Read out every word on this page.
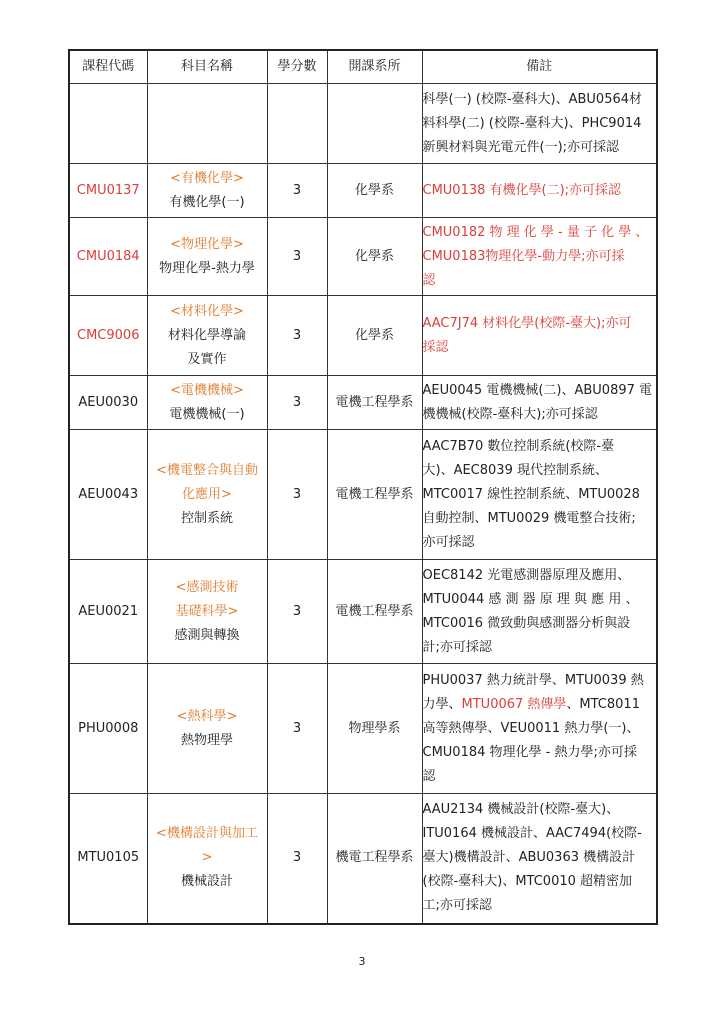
課程代碼	科目名稱	學分數	開課系所	備註

				科學(一) (校際-臺科大)、ABU0564材
料科學(二) (校際-臺科大)、PHC9014
新興材料與光電元件(一);亦可採認

CMU0137	<有機化學>
有機化學(一)	3	化學系	CMU0138 有機化學(二);亦可採認

CMU0184	<物理化學>
物理化學-熱力學	3	化學系	CMU0182 物 理 化 學 - 量 子 化 學 、
CMU0183物理化學-動力學;亦可採
認

CMC9006	<材料化學>
材料化學導論
及實作	3	化學系	AAC7J74 材料化學(校際-臺大);亦可
採認

AEU0030	<電機機械>
電機機械(一)	3	電機工程學系	AEU0045 電機機械(二)、ABU0897 電
機機械(校際-臺科大);亦可採認

AEU0043	<機電整合與自動
化應用>
控制系統	3	電機工程學系	AAC7B70 數位控制系統(校際-臺
大)、AEC8039 現代控制系統、
MTC0017 線性控制系統、MTU0028
自動控制、MTU0029 機電整合技術;
亦可採認

AEU0021	<感測技術
基礎科學>
感測與轉換	3	電機工程學系	OEC8142 光電感測器原理及應用、
MTU0044 感 測 器 原 理 與 應 用 、
MTC0016 微致動與感測器分析與設
計;亦可採認

PHU0008	<熱科學>
熱物理學	3	物理學系	PHU0037 熱力統計學、MTU0039 熱
力學、MTU0067 熱傳學、MTC8011
高等熱傳學、VEU0011 熱力學(一)、
CMU0184 物理化學 - 熱力學;亦可採
認

MTU0105	<機構設計與加工
>
機械設計	3	機電工程學系	AAU2134 機械設計(校際-臺大)、
ITU0164 機械設計、AAC7494(校際-
臺大)機構設計、ABU0363 機構設計
(校際-臺科大)、MTC0010 超精密加
工;亦可採認
3
